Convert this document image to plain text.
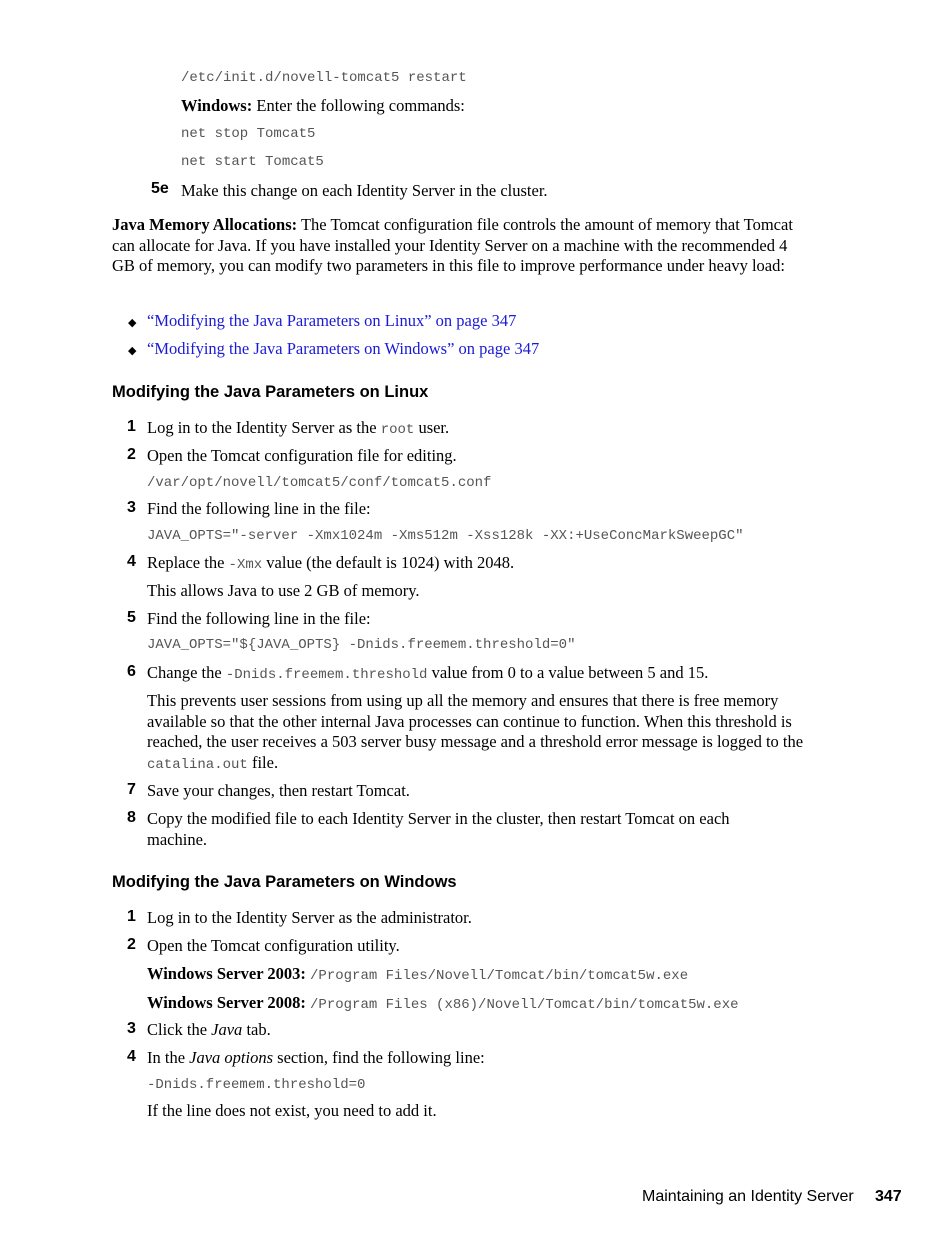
/etc/init.d/novell-tomcat5 restart
Windows: Enter the following commands:
net stop Tomcat5
net start Tomcat5
5e Make this change on each Identity Server in the cluster.
Java Memory Allocations: The Tomcat configuration file controls the amount of memory that Tomcat can allocate for Java. If you have installed your Identity Server on a machine with the recommended 4 GB of memory, you can modify two parameters in this file to improve performance under heavy load:
◆ “Modifying the Java Parameters on Linux” on page 347
◆ “Modifying the Java Parameters on Windows” on page 347
Modifying the Java Parameters on Linux
1 Log in to the Identity Server as the root user.
2 Open the Tomcat configuration file for editing.
/var/opt/novell/tomcat5/conf/tomcat5.conf
3 Find the following line in the file:
JAVA_OPTS="-server -Xmx1024m -Xms512m -Xss128k -XX:+UseConcMarkSweepGC"
4 Replace the -Xmx value (the default is 1024) with 2048.
This allows Java to use 2 GB of memory.
5 Find the following line in the file:
JAVA_OPTS="${JAVA_OPTS} -Dnids.freemem.threshold=0"
6 Change the -Dnids.freemem.threshold value from 0 to a value between 5 and 15.
This prevents user sessions from using up all the memory and ensures that there is free memory available so that the other internal Java processes can continue to function. When this threshold is reached, the user receives a 503 server busy message and a threshold error message is logged to the catalina.out file.
7 Save your changes, then restart Tomcat.
8 Copy the modified file to each Identity Server in the cluster, then restart Tomcat on each machine.
Modifying the Java Parameters on Windows
1 Log in to the Identity Server as the administrator.
2 Open the Tomcat configuration utility.
Windows Server 2003: /Program Files/Novell/Tomcat/bin/tomcat5w.exe
Windows Server 2008: /Program Files (x86)/Novell/Tomcat/bin/tomcat5w.exe
3 Click the Java tab.
4 In the Java options section, find the following line:
-Dnids.freemem.threshold=0
If the line does not exist, you need to add it.
Maintaining an Identity Server 347
